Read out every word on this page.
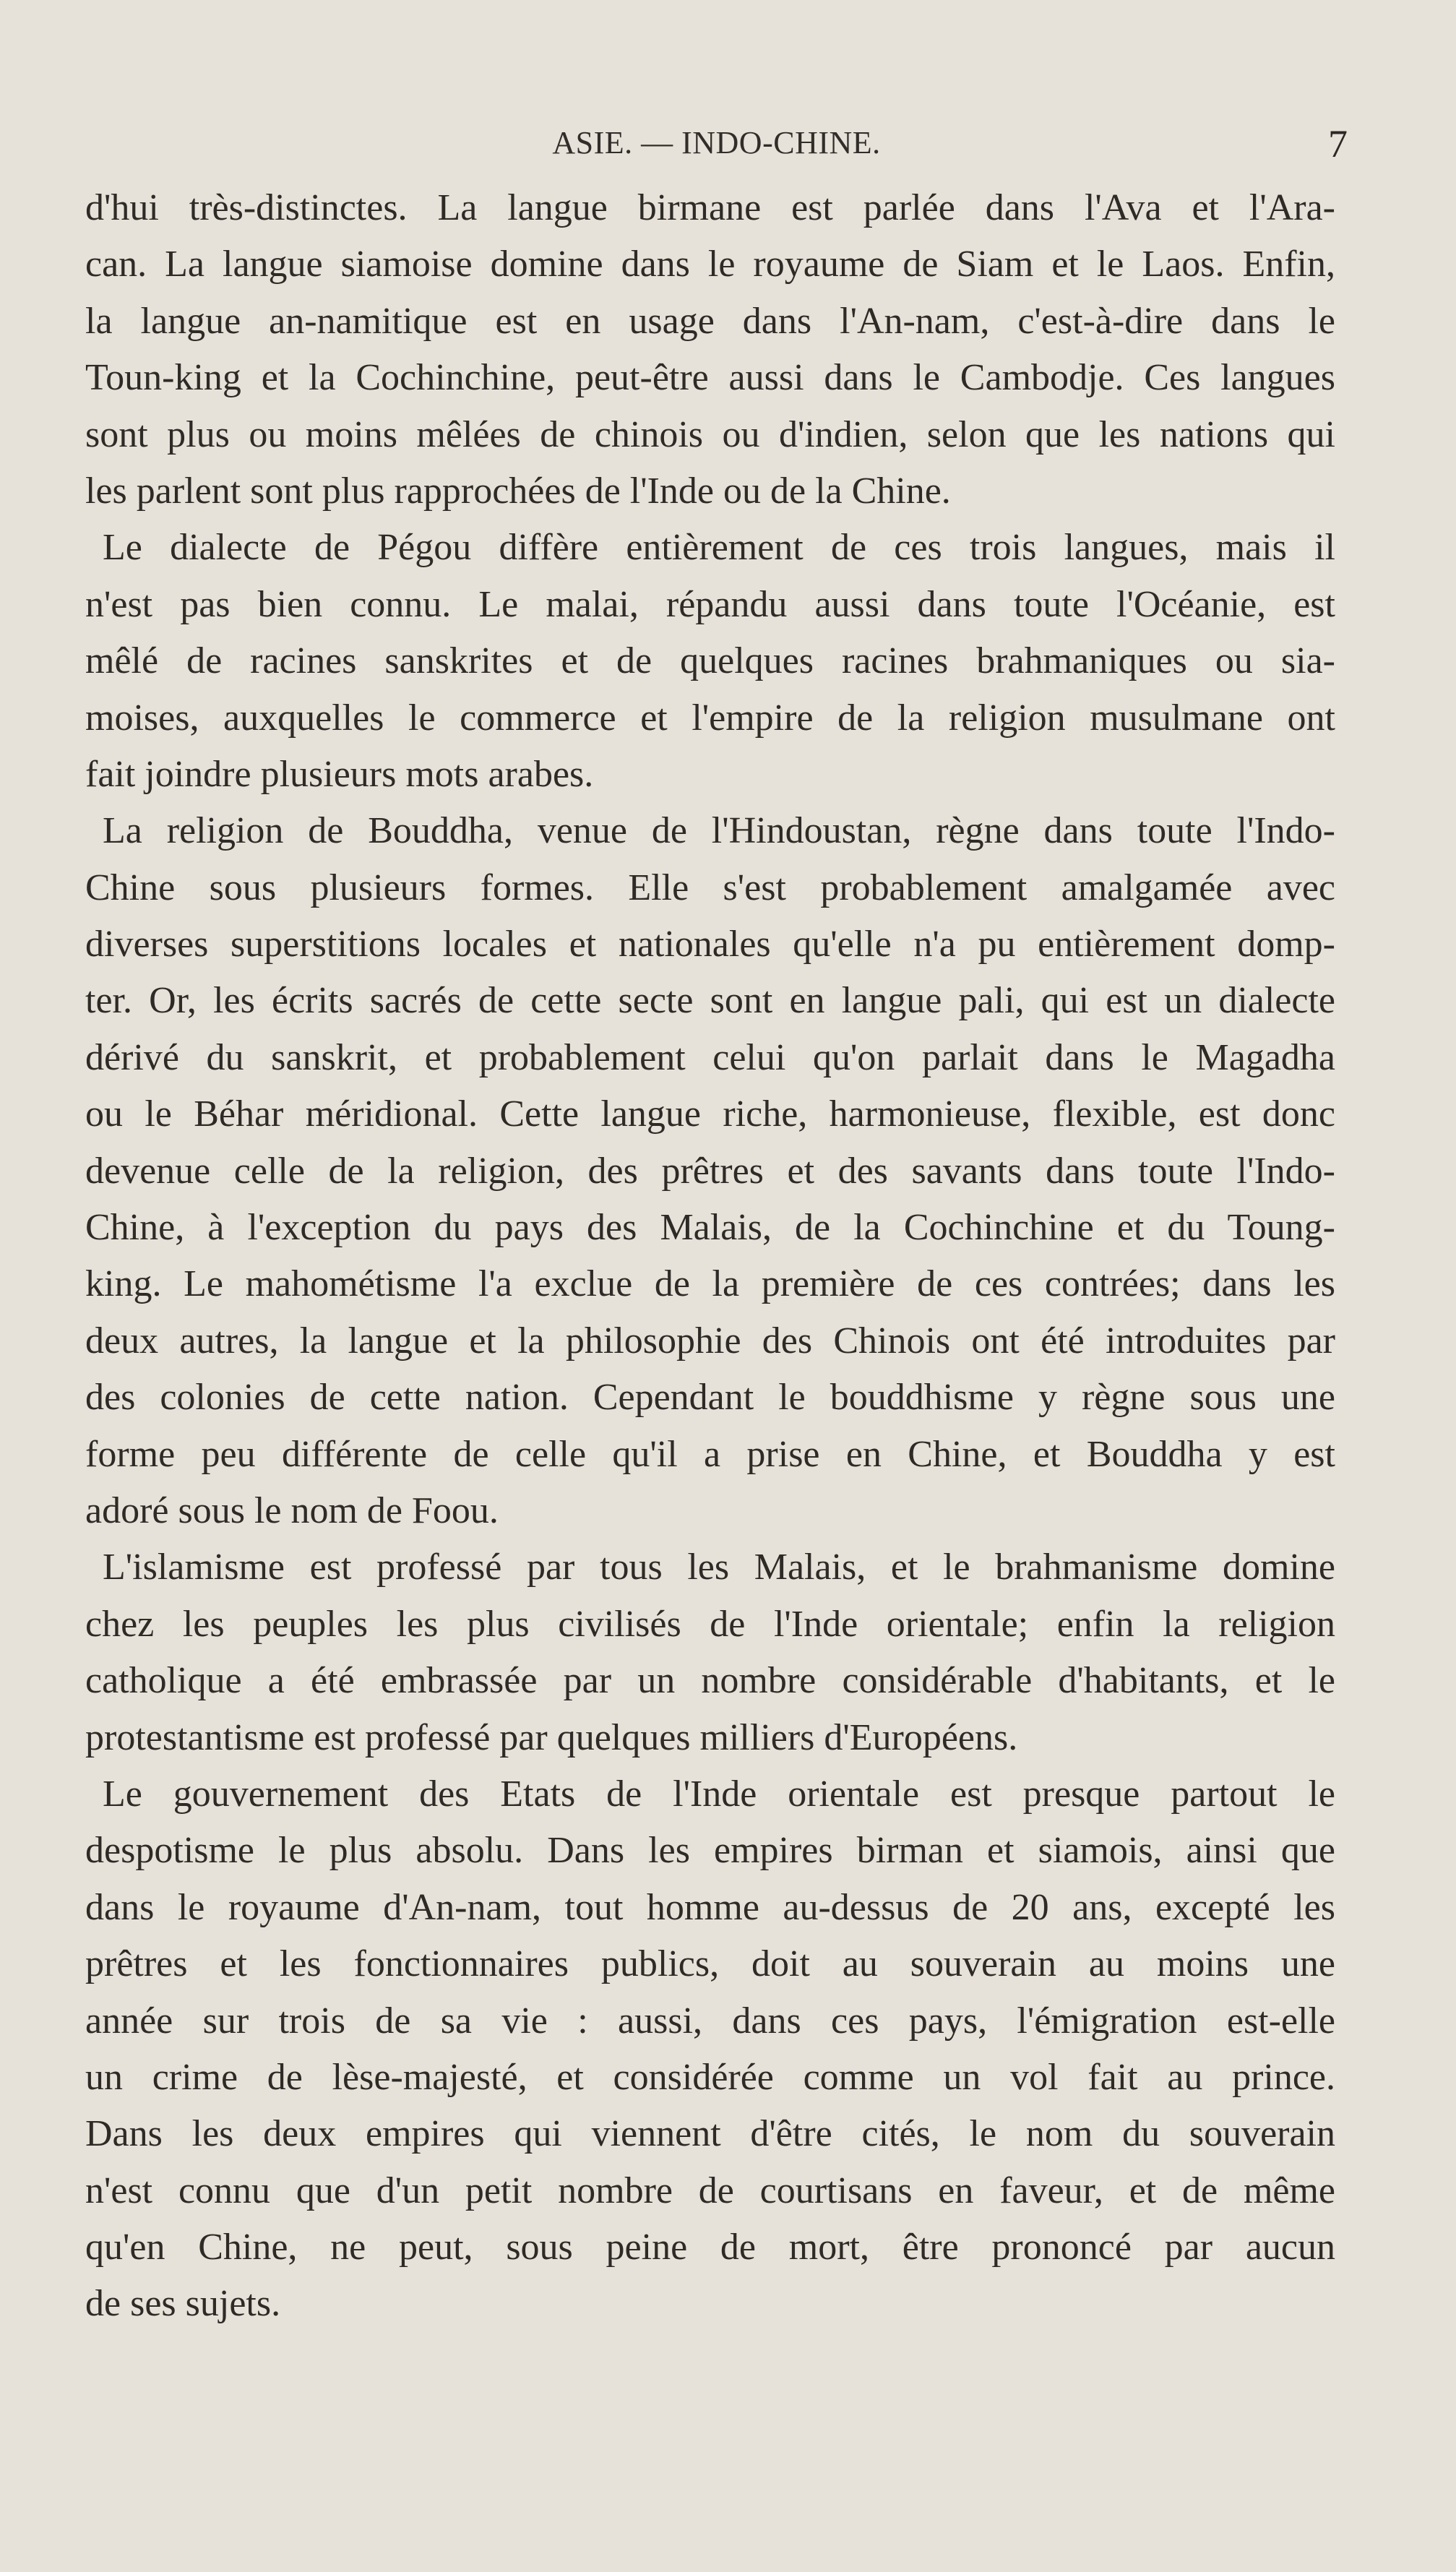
ASIE. — INDO-CHINE.	7
d'hui très-distinctes. La langue birmane est parlée dans l'Ava et l'Ara-
can. La langue siamoise domine dans le royaume de Siam et le Laos. Enfin,
la langue an-namitique est en usage dans l'An-nam, c'est-à-dire dans le
Toun-king et la Cochinchine, peut-être aussi dans le Cambodje. Ces langues
sont plus ou moins mêlées de chinois ou d'indien, selon que les nations qui
les parlent sont plus rapprochées de l'Inde ou de la Chine.
Le dialecte de Pégou diffère entièrement de ces trois langues, mais il
n'est pas bien connu. Le malai, répandu aussi dans toute l'Océanie, est
mêlé de racines sanskrites et de quelques racines brahmaniques ou sia-
moises, auxquelles le commerce et l'empire de la religion musulmane ont
fait joindre plusieurs mots arabes.
La religion de Bouddha, venue de l'Hindoustan, règne dans toute l'Indo-
Chine sous plusieurs formes. Elle s'est probablement amalgamée avec
diverses superstitions locales et nationales qu'elle n'a pu entièrement domp-
ter. Or, les écrits sacrés de cette secte sont en langue pali, qui est un dialecte
dérivé du sanskrit, et probablement celui qu'on parlait dans le Magadha
ou le Béhar méridional. Cette langue riche, harmonieuse, flexible, est donc
devenue celle de la religion, des prêtres et des savants dans toute l'Indo-
Chine, à l'exception du pays des Malais, de la Cochinchine et du Toung-
king. Le mahométisme l'a exclue de la première de ces contrées; dans les
deux autres, la langue et la philosophie des Chinois ont été introduites par
des colonies de cette nation. Cependant le bouddhisme y règne sous une
forme peu différente de celle qu'il a prise en Chine, et Bouddha y est
adoré sous le nom de Foou.
L'islamisme est professé par tous les Malais, et le brahmanisme domine
chez les peuples les plus civilisés de l'Inde orientale; enfin la religion
catholique a été embrassée par un nombre considérable d'habitants, et le
protestantisme est professé par quelques milliers d'Européens.
Le gouvernement des Etats de l'Inde orientale est presque partout le
despotisme le plus absolu. Dans les empires birman et siamois, ainsi que
dans le royaume d'An-nam, tout homme au-dessus de 20 ans, excepté les
prêtres et les fonctionnaires publics, doit au souverain au moins une
année sur trois de sa vie : aussi, dans ces pays, l'émigration est-elle
un crime de lèse-majesté, et considérée comme un vol fait au prince.
Dans les deux empires qui viennent d'être cités, le nom du souverain
n'est connu que d'un petit nombre de courtisans en faveur, et de même
qu'en Chine, ne peut, sous peine de mort, être prononcé par aucun
de ses sujets.
